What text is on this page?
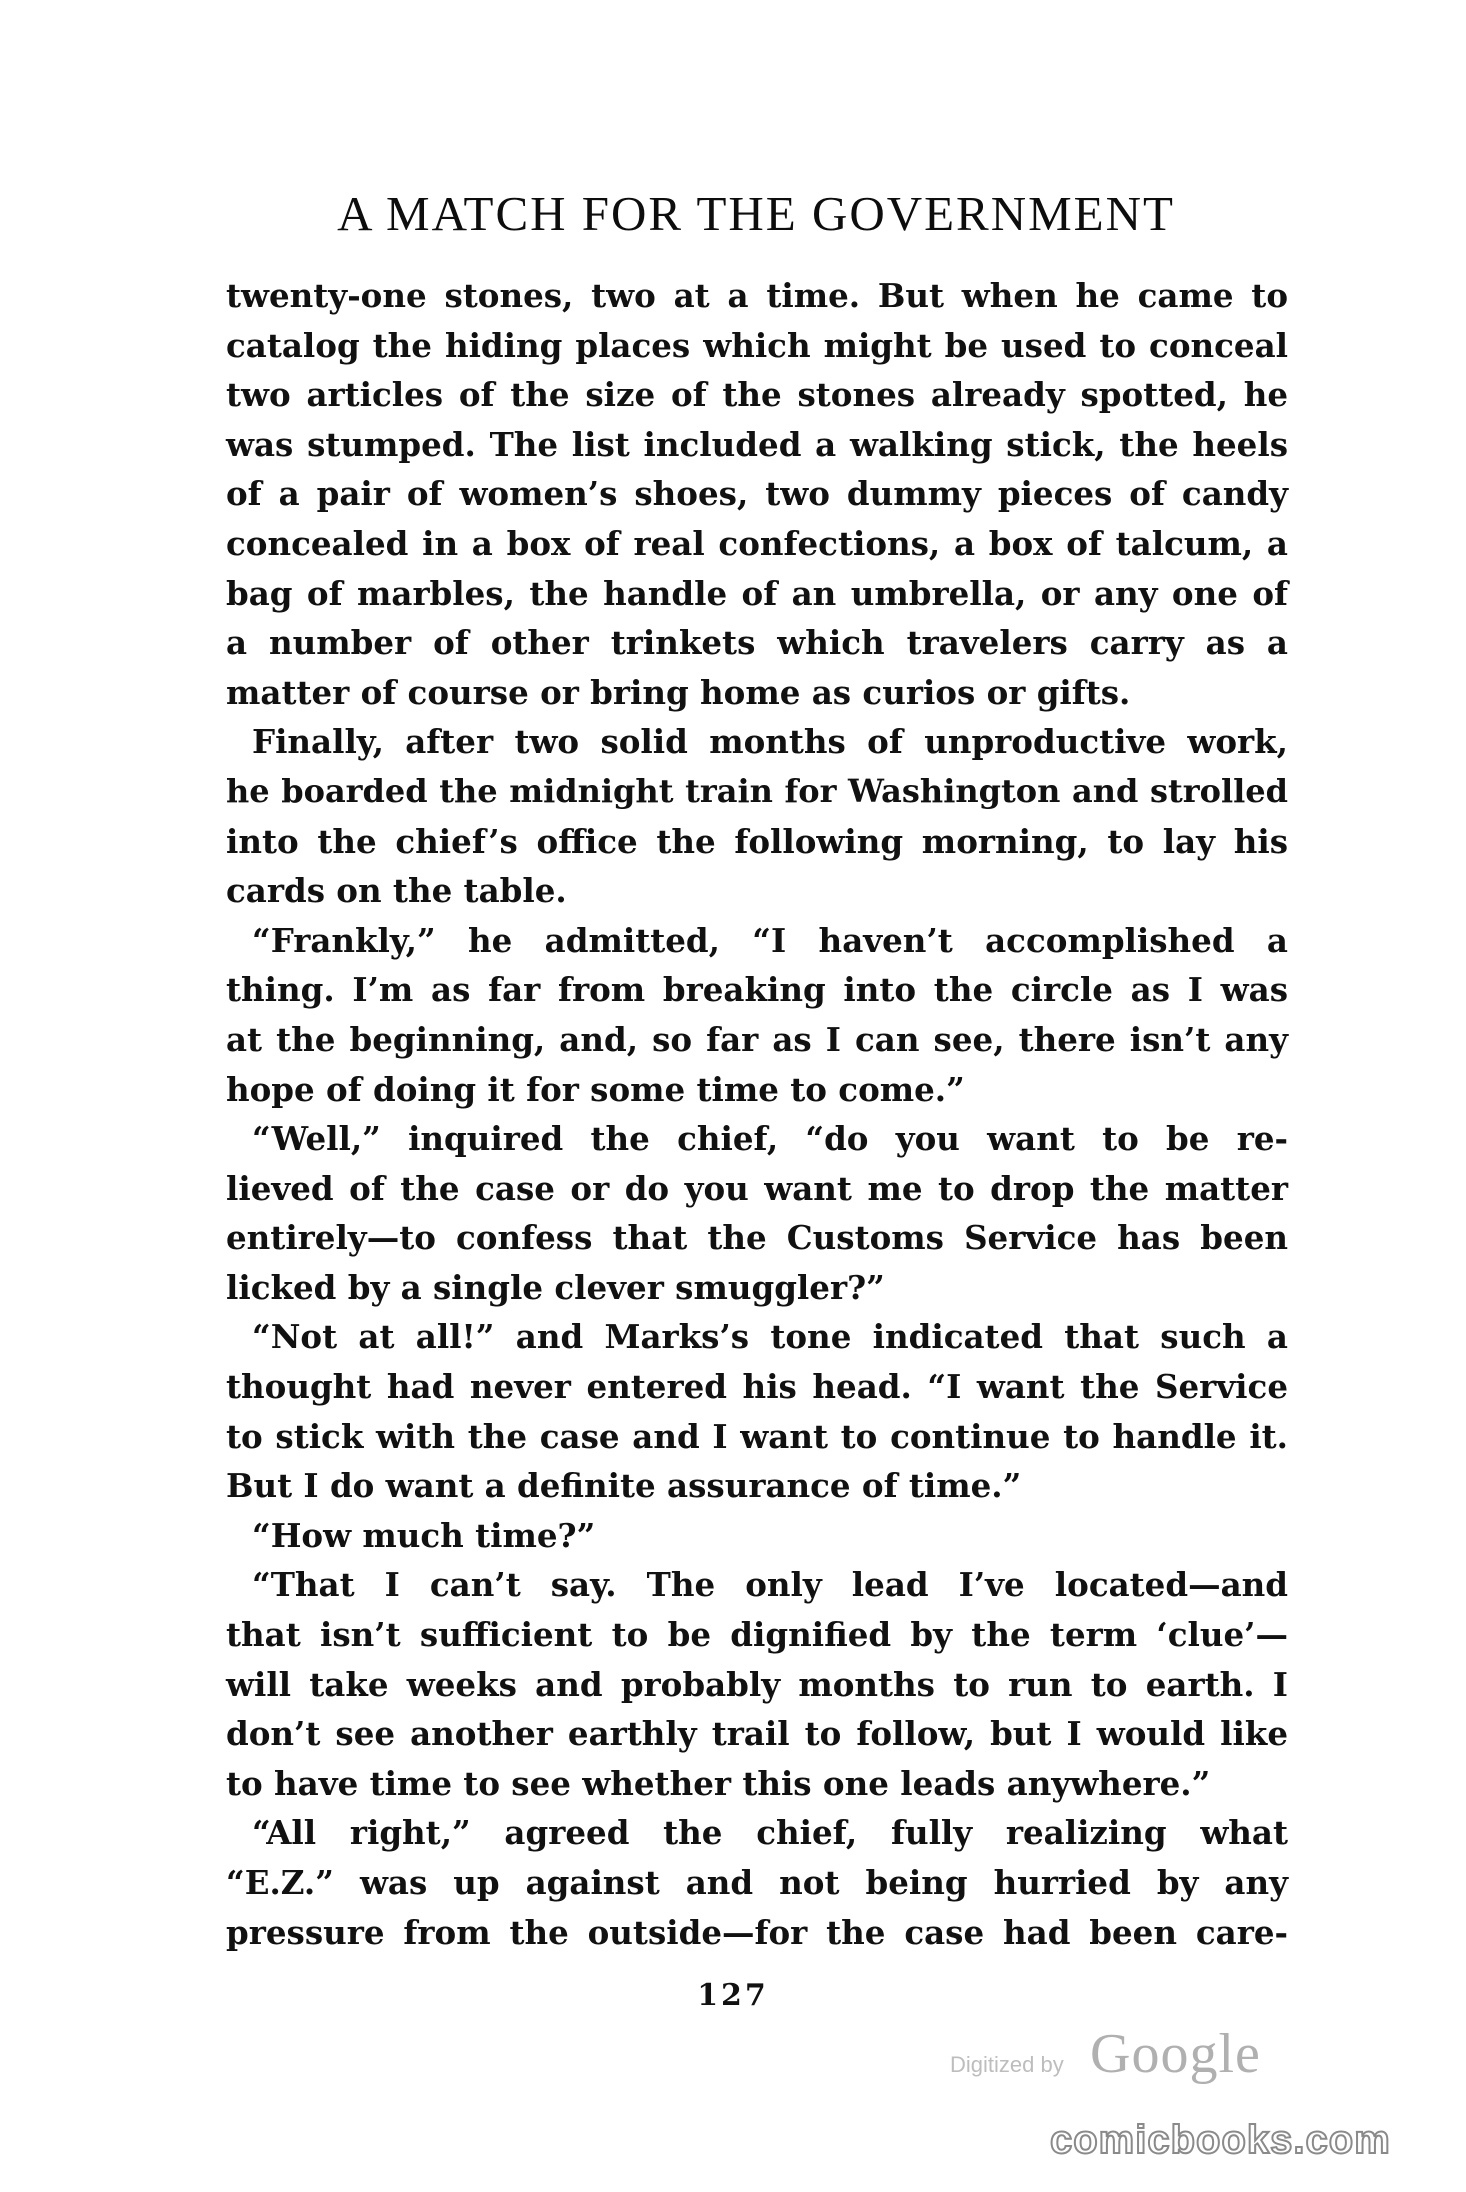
A MATCH FOR THE GOVERNMENT
twenty-one stones, two at a time. But when he came to
catalog the hiding places which might be used to conceal
two articles of the size of the stones already spotted, he
was stumped. The list included a walking stick, the heels
of a pair of women’s shoes, two dummy pieces of candy
concealed in a box of real confections, a box of talcum, a
bag of marbles, the handle of an umbrella, or any one of
a number of other trinkets which travelers carry as a
matter of course or bring home as curios or gifts.
Finally, after two solid months of unproductive work,
he boarded the midnight train for Washington and strolled
into the chief’s office the following morning, to lay his
cards on the table.
“Frankly,” he admitted, “I haven’t accomplished a
thing. I’m as far from breaking into the circle as I was
at the beginning, and, so far as I can see, there isn’t any
hope of doing it for some time to come.”
“Well,” inquired the chief, “do you want to be re-
lieved of the case or do you want me to drop the matter
entirely—to confess that the Customs Service has been
licked by a single clever smuggler?”
“Not at all!” and Marks’s tone indicated that such a
thought had never entered his head. “I want the Service
to stick with the case and I want to continue to handle it.
But I do want a definite assurance of time.”
“How much time?”
“That I can’t say. The only lead I’ve located—and
that isn’t sufficient to be dignified by the term ‘clue’—
will take weeks and probably months to run to earth. I
don’t see another earthly trail to follow, but I would like
to have time to see whether this one leads anywhere.”
“All right,” agreed the chief, fully realizing what
“E.Z.” was up against and not being hurried by any
pressure from the outside—for the case had been care-
127
Digitized by Google
comicbooks.com
